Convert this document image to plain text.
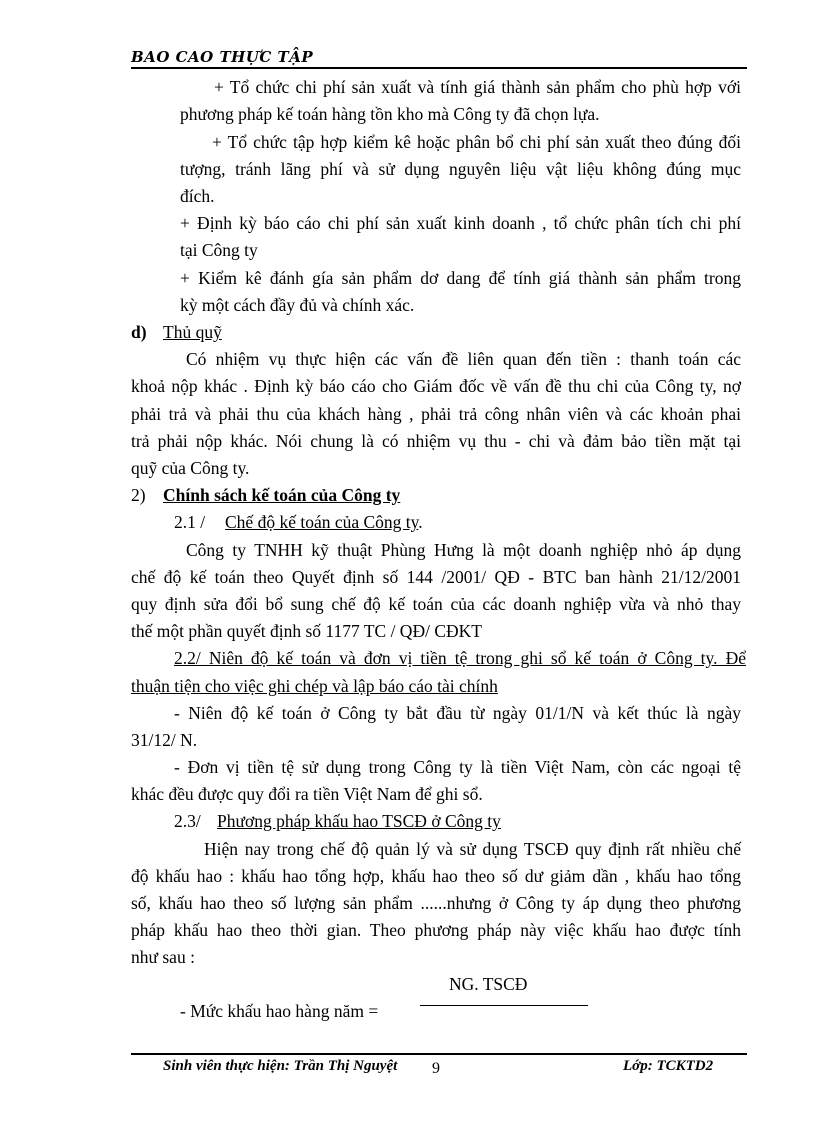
BAO CAO THỰC TẬP
+ Tổ chức chi phí sản xuất và tính giá thành sản phẩm cho phù hợp với
phương pháp kế toán hàng tồn kho mà Công ty đã chọn lựa.
+ Tổ chức tập hợp kiểm kê hoặc phân bổ chi phí sản xuất theo đúng đối
tượng, tránh lãng phí và sử dụng nguyên liệu vật liệu không đúng mục
đích.
+ Định kỳ báo cáo chi phí sản xuất kinh doanh , tổ chức phân tích chi phí
tại Công ty
+ Kiểm kê đánh gía sản phẩm dơ dang để tính giá thành sản phẩm trong
kỳ một cách đầy đủ và chính xác.
d) Thủ quỹ
Có nhiệm vụ thực hiện các vấn đề liên quan đến tiền : thanh toán các
khoả nộp khác . Định kỳ báo cáo cho Giám đốc về vấn đề thu chi của Công ty, nợ
phải trả và phải thu của khách hàng , phải trả công nhân viên và các khoản phai
trả phải nộp khác. Nói chung là có nhiệm vụ thu - chi và đảm bảo tiền mặt tại
quỹ của Công ty.
2) Chính sách kế toán của Công ty
2.1 / Chế độ kế toán của Công ty.
Công ty TNHH kỹ thuật Phùng Hưng là một doanh nghiệp nhỏ áp dụng
chế độ kế toán theo Quyết định số 144 /2001/ QĐ - BTC ban hành 21/12/2001
quy định sửa đổi bổ sung chế độ kế toán của các doanh nghiệp vừa và nhỏ thay
thế một phần quyết định số 1177 TC / QĐ/ CĐKT
2.2/ Niên độ kế toán và đơn vị tiền tệ trong ghi sổ kế toán ở Công ty. Để
thuận tiện cho việc ghi chép và lập báo cáo tài chính
- Niên độ kế toán ở Công ty bắt đầu từ ngày 01/1/N và kết thúc là ngày
31/12/ N.
- Đơn vị tiền tệ sử dụng trong Công ty là tiền Việt Nam, còn các ngoại tệ
khác đều được quy đổi ra tiền Việt Nam để ghi sổ.
2.3/ Phương pháp khấu hao TSCĐ ở Công ty
Hiện nay trong chế độ quản lý và sử dụng TSCĐ quy định rất nhiều chế
độ khấu hao : khấu hao tổng hợp, khấu hao theo số dư giảm dần , khấu hao tổng
số, khấu hao theo số lượng sản phẩm ......nhưng ở Công ty áp dụng theo phương
pháp khấu hao theo thời gian. Theo phương pháp này việc khấu hao được tính
như sau :
NG. TSCĐ
- Mức khấu hao hàng năm =
Sinh viên thực hiện: Trần Thị Nguyệt 9	Lớp: TCKTD2
